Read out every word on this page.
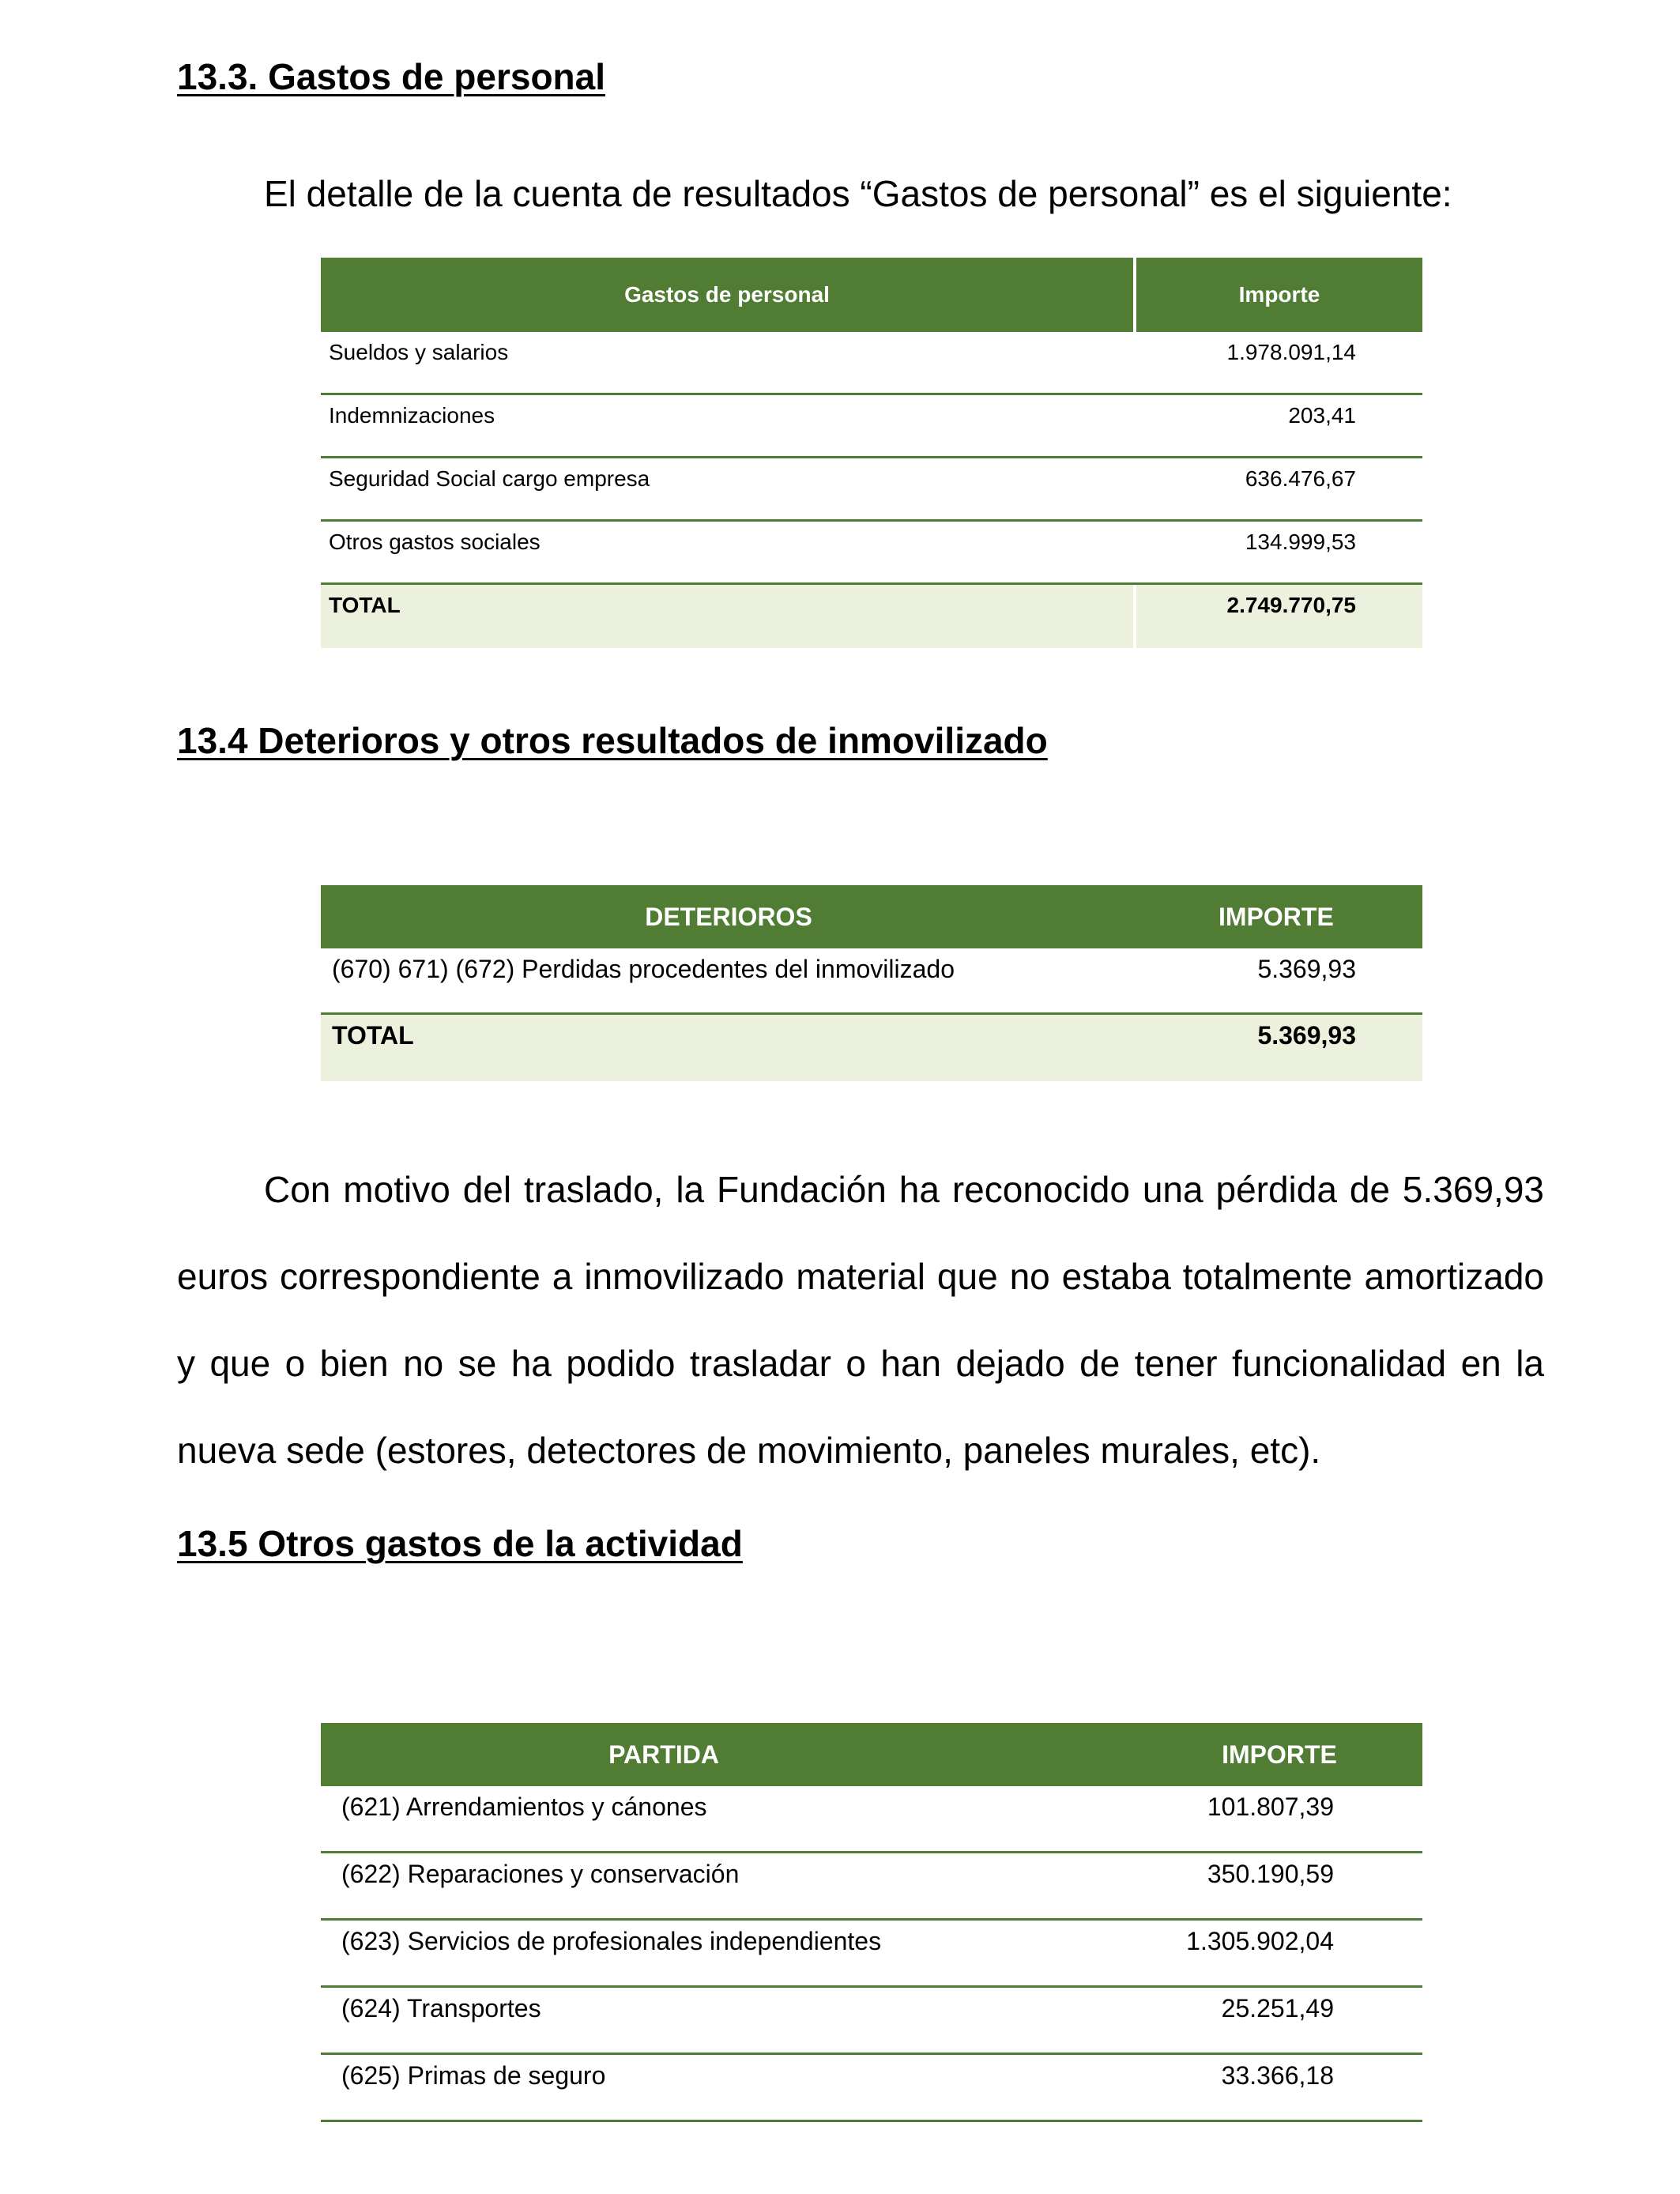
13.3. Gastos de personal

El detalle de la cuenta de resultados “Gastos de personal” es el siguiente:

Gastos de personal	Importe
Sueldos y salarios	1.978.091,14
Indemnizaciones	203,41
Seguridad Social cargo empresa	636.476,67
Otros gastos sociales	134.999,53
TOTAL	2.749.770,75
13.4 Deterioros y otros resultados de inmovilizado
DETERIOROS	IMPORTE
(670) 671) (672) Perdidas procedentes del inmovilizado	5.369,93
TOTAL	5.369,93

Con motivo del traslado, la Fundación ha reconocido una pérdida de 5.369,93 euros correspondiente a inmovilizado material que no estaba totalmente amortizado y que o bien no se ha podido trasladar o han dejado de tener funcionalidad en la nueva sede (estores, detectores de movimiento, paneles murales, etc).

13.5 Otros gastos de la actividad
PARTIDA	IMPORTE
(621) Arrendamientos y cánones	101.807,39
(622) Reparaciones y conservación	350.190,59
(623) Servicios de profesionales independientes	1.305.902,04
(624) Transportes	25.251,49
(625) Primas de seguro	33.366,18
